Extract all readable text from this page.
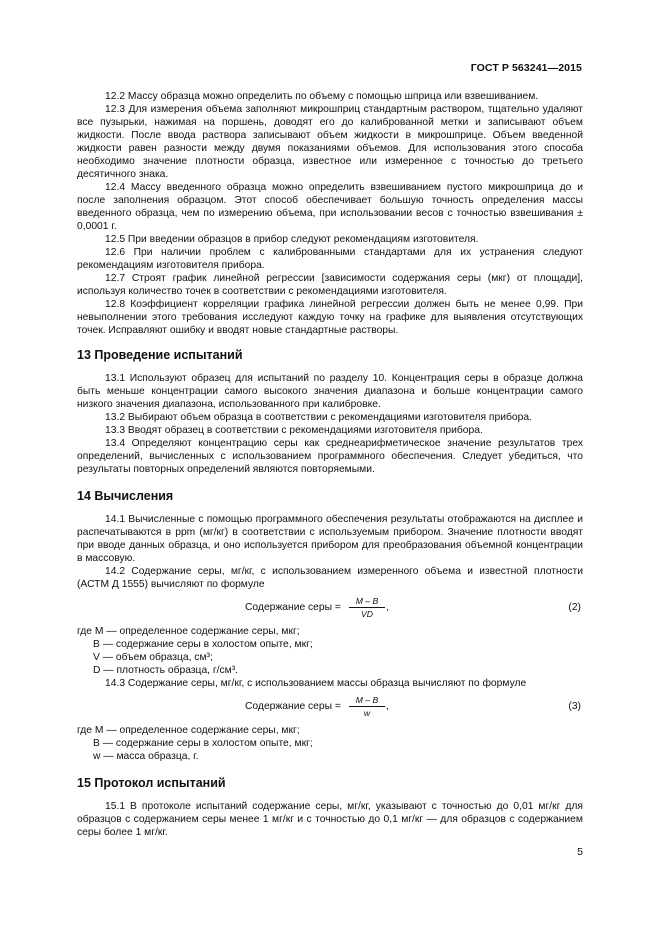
ГОСТ Р 563241—2015

12.2 Массу образца можно определить по объему с помощью шприца или взвешиванием.

12.3 Для измерения объема заполняют микрошприц стандартным раствором, тщательно удаляют все пузырьки, нажимая на поршень, доводят его до калиброванной метки и записывают объем жидкости. После ввода раствора записывают объем жидкости в микрошприце. Объем введенной жидкости равен разности между двумя показаниями объемов. Для использования этого способа необходимо значение плотности образца, известное или измеренное с точностью до третьего десятичного знака.

12.4 Массу введенного образца можно определить взвешиванием пустого микрошприца до и после заполнения образцом. Этот способ обеспечивает большую точность определения массы введенного образца, чем по измерению объема, при использовании весов с точностью взвешивания ± 0,0001 г.

12.5 При введении образцов в прибор следуют рекомендациям изготовителя.

12.6 При наличии проблем с калиброванными стандартами для их устранения следуют рекомендациям изготовителя прибора.

12.7 Строят график линейной регрессии [зависимости содержания серы (мкг) от площади], используя количество точек в соответствии с рекомендациями изготовителя.

12.8 Коэффициент корреляции графика линейной регрессии должен быть не менее 0,99. При невыполнении этого требования исследуют каждую точку на графике для выявления отсутствующих точек. Исправляют ошибку и вводят новые стандартные растворы.

13 Проведение испытаний

13.1 Используют образец для испытаний по разделу 10. Концентрация серы в образце должна быть меньше концентрации самого высокого значения диапазона и больше концентрации самого низкого значения диапазона, использованного при калибровке.

13.2 Выбирают объем образца в соответствии с рекомендациями изготовителя прибора.

13.3 Вводят образец в соответствии с рекомендациями изготовителя прибора.

13.4 Определяют концентрацию серы как среднеарифметическое значение результатов трех определений, вычисленных с использованием программного обеспечения. Следует убедиться, что результаты повторных определений являются повторяемыми.

14 Вычисления

14.1 Вычисленные с помощью программного обеспечения результаты отображаются на дисплее и распечатываются в ppm (мг/кг) в соответствии с используемым прибором. Значение плотности вводят при вводе данных образца, и оно используется прибором для преобразования объемной концентрации в массовую.

14.2 Содержание серы, мг/кг, с использованием измеренного объема и известной плотности (АСТМ Д 1555) вычисляют по формуле

Содержание серы = $\frac{M - B}{VD}$ ,	(2)

где M — определенное содержание серы, мкг;

B — содержание серы в холостом опыте, мкг;

V — объем образца, см³;

D — плотность образца, г/см³.

14.3 Содержание серы, мг/кг, с использованием массы образца вычисляют по формуле

Содержание серы = $\frac{M - B}{w}$ ,	(3)

где M — определенное содержание серы, мкг;

B — содержание серы в холостом опыте, мкг;

w — масса образца, г.

15 Протокол испытаний

15.1 В протоколе испытаний содержание серы, мг/кг, указывают с точностью до 0,01 мг/кг для образцов с содержанием серы менее 1 мг/кг и с точностью до 0,1 мг/кг — для образцов с содержанием серы более 1 мг/кг.

5
